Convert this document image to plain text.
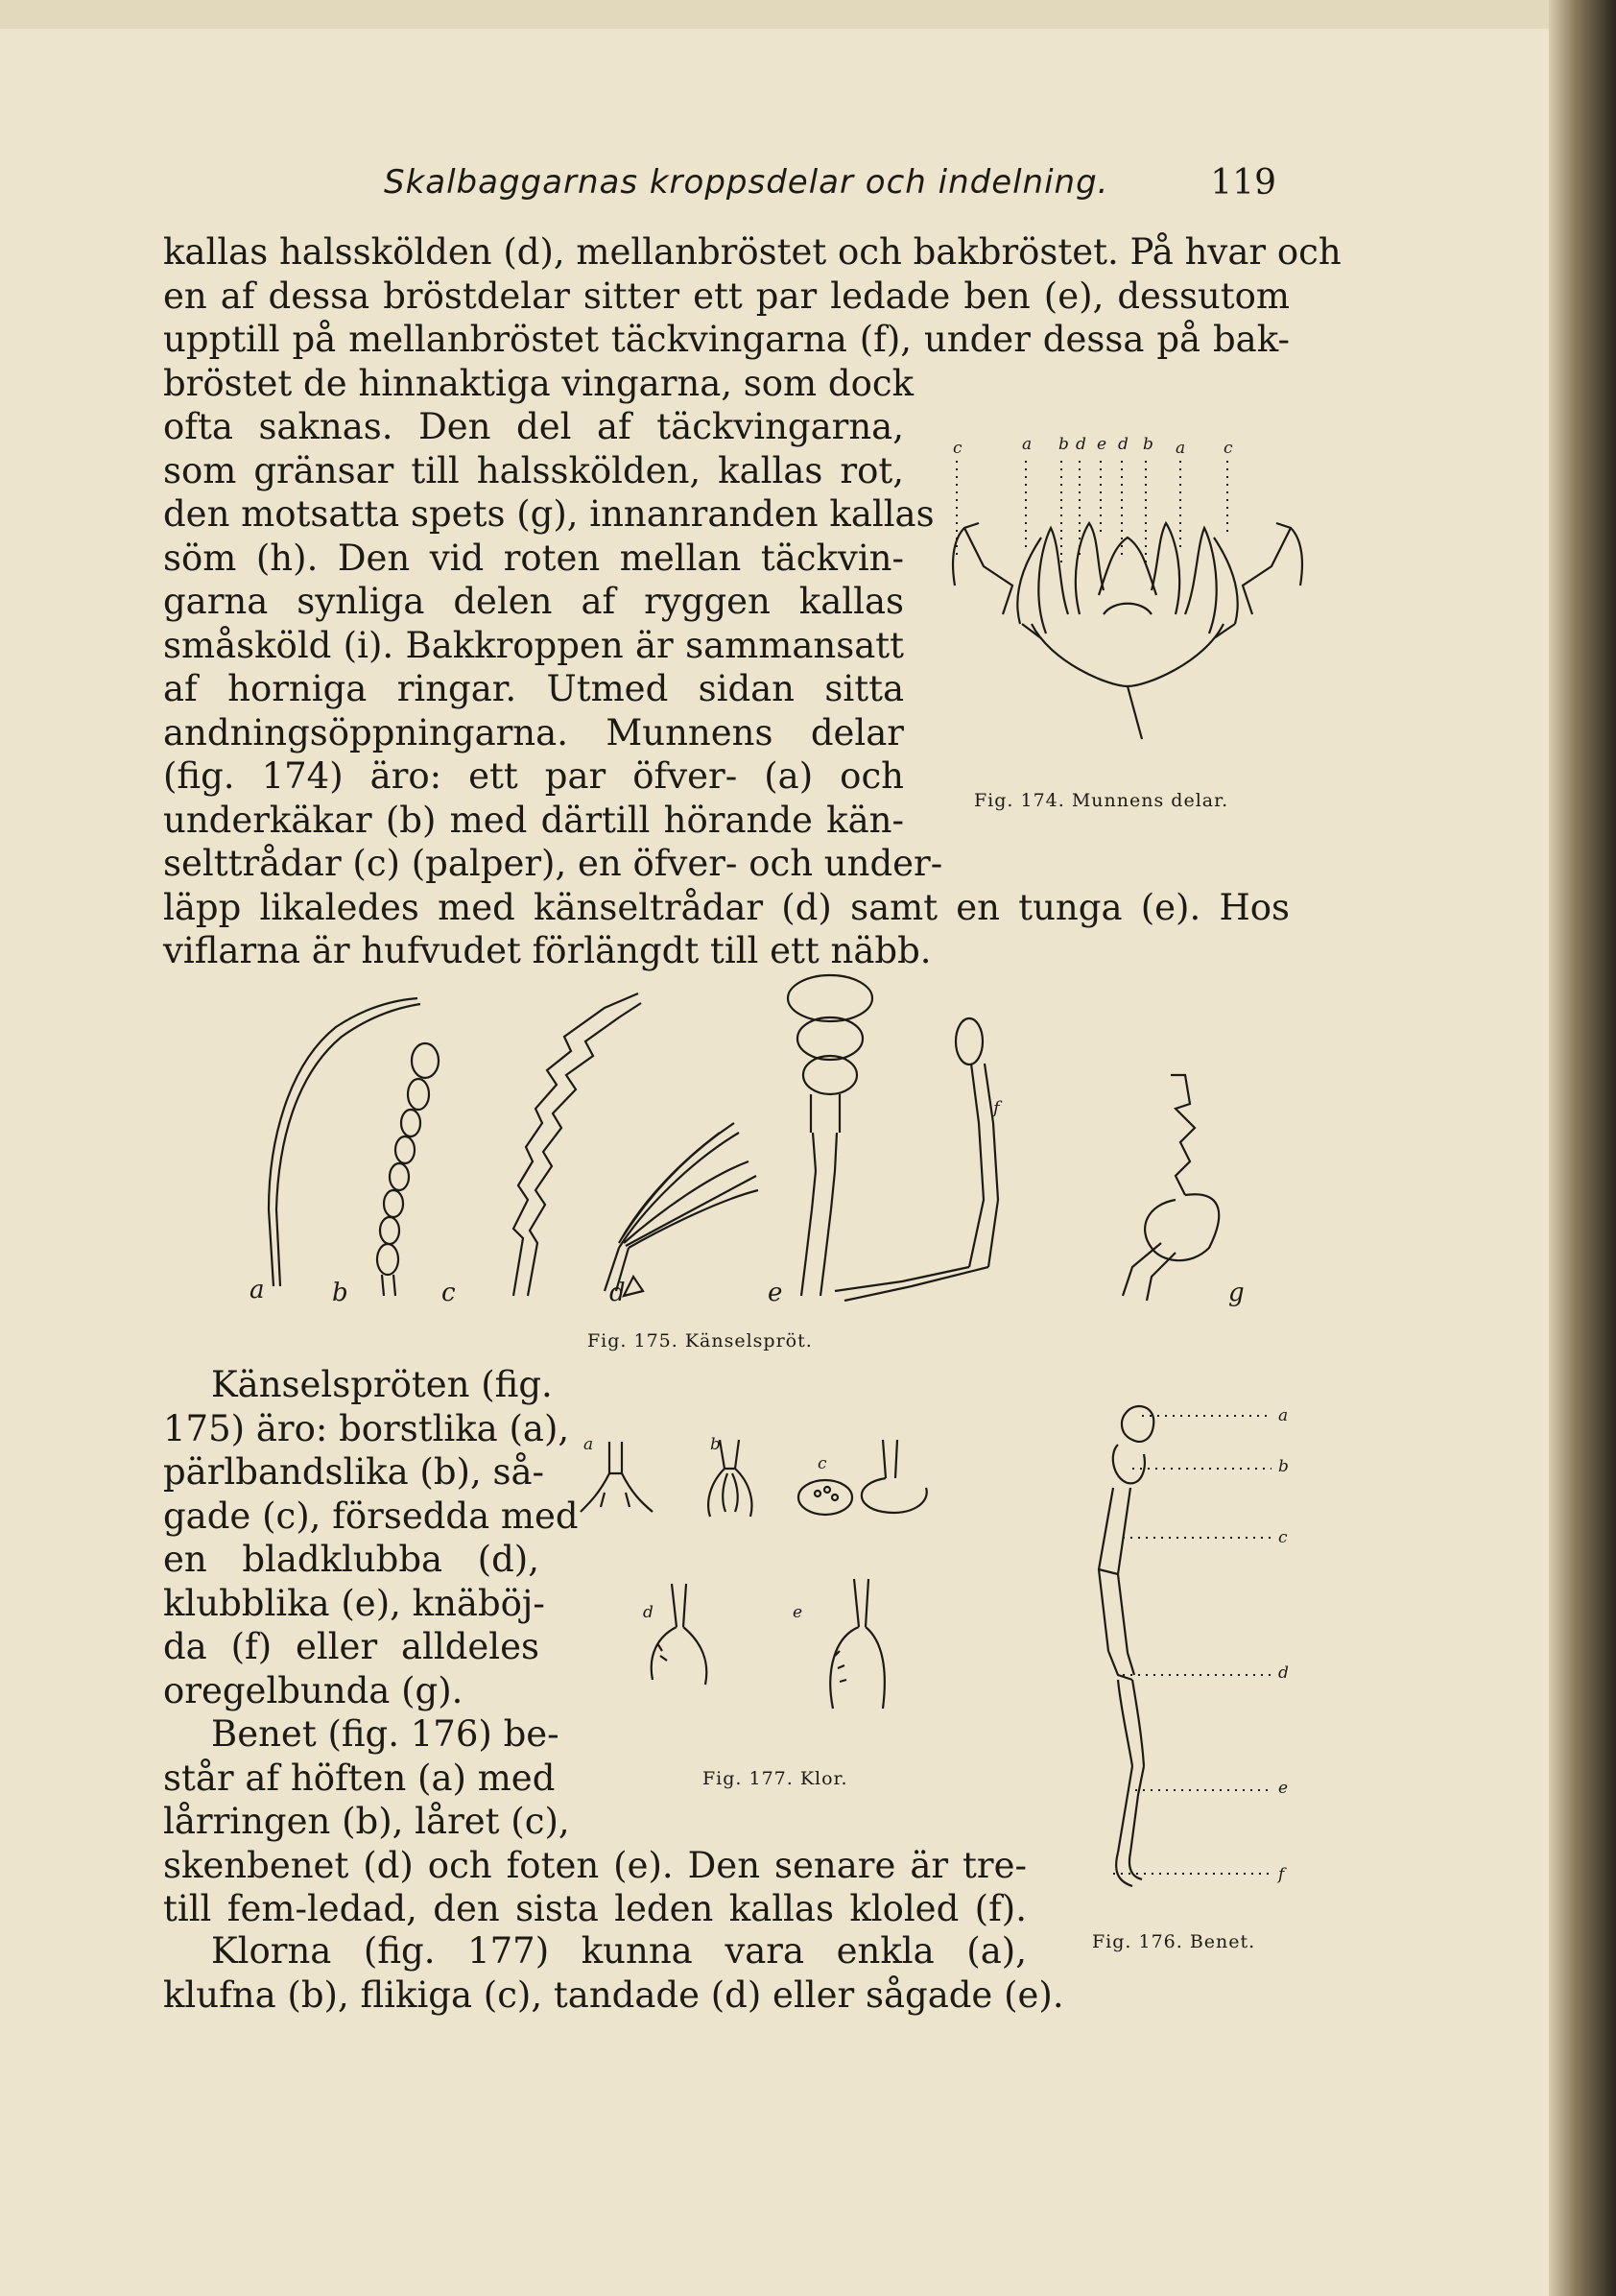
Skalbaggarnas kroppsdelar och indelning.	119
kallas halsskölden (d), mellanbröstet och bakbröstet. På hvar och
en af dessa bröstdelar sitter ett par ledade ben (e), dessutom
upptill på mellanbröstet täckvingarna (f), under dessa på bak-
bröstet de hinnaktiga vingarna, som dock
ofta saknas. Den del af täckvingarna,
som gränsar till halsskölden, kallas rot,
den motsatta spets (g), innanranden kallas
söm (h). Den vid roten mellan täckvin-
garna synliga delen af ryggen kallas
småsköld (i). Bakkroppen är sammansatt
af horniga ringar. Utmed sidan sitta
andningsöppningarna. Munnens delar
(fig. 174) äro: ett par öfver- (a) och
underkäkar (b) med därtill hörande kän-
selttrådar (c) (palper), en öfver- och under-
läpp likaledes med känseltrådar (d) samt en tunga (e). Hos
viflarna är hufvudet förlängdt till ett näbb.
c	a b d e d b a c
Fig. 174. Munnens delar.
a	b	c	d	e
f
g
Fig. 175. Känselspröt.
Känselspröten (fig.
175) äro: borstlika (a),
pärlbandslika (b), så-
gade (c), försedda med
en bladklubba (d),
klubblika (e), knäböj-
da (f) eller alldeles
oregelbunda (g).
Benet (fig. 176) be-
står af höften (a) med
lårringen (b), låret (c),
skenbenet (d) och foten (e). Den senare är tre-
till fem-ledad, den sista leden kallas kloled (f).
Klorna (fig. 177) kunna vara enkla (a),
klufna (b), flikiga (c), tandade (d) eller sågade (e).
a	b
c
d	e
Fig. 177. Klor.
a
b
c
d
e
f
Fig. 176. Benet.
